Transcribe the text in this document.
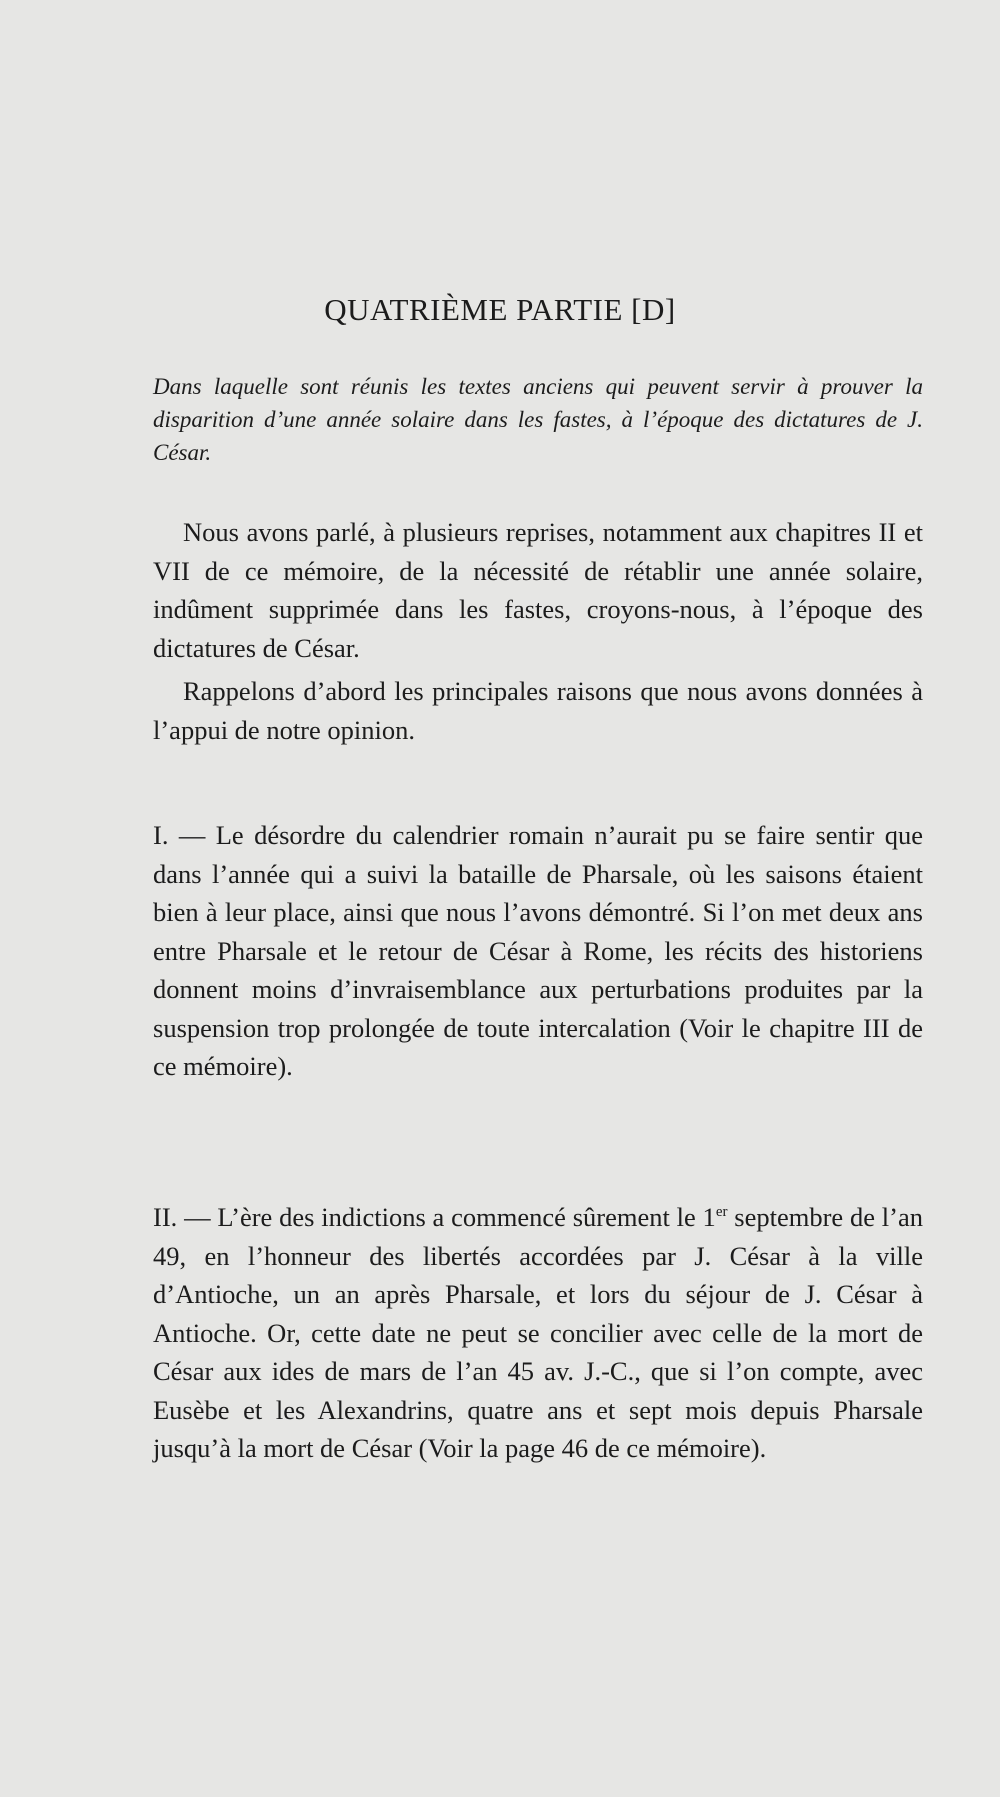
QUATRIÈME PARTIE [D]
Dans laquelle sont réunis les textes anciens qui peuvent servir à prouver la disparition d’une année solaire dans les fastes, à l’époque des dictatures de J. César.

Nous avons parlé, à plusieurs reprises, notamment aux chapitres II et VII de ce mémoire, de la nécessité de rétablir une année solaire, indûment supprimée dans les fastes, croyons-nous, à l’époque des dictatures de César.

Rappelons d’abord les principales raisons que nous avons données à l’appui de notre opinion.

I. — Le désordre du calendrier romain n’aurait pu se faire sentir que dans l’année qui a suivi la bataille de Pharsale, où les saisons étaient bien à leur place, ainsi que nous l’avons démontré. Si l’on met deux ans entre Pharsale et le retour de César à Rome, les récits des historiens donnent moins d’invraisemblance aux perturbations produites par la suspension trop prolongée de toute intercalation (Voir le chapitre III de ce mémoire).

II. — L’ère des indictions a commencé sûrement le 1er septembre de l’an 49, en l’honneur des libertés accordées par J. César à la ville d’Antioche, un an après Pharsale, et lors du séjour de J. César à Antioche. Or, cette date ne peut se concilier avec celle de la mort de César aux ides de mars de l’an 45 av. J.-C., que si l’on compte, avec Eusèbe et les Alexandrins, quatre ans et sept mois depuis Pharsale jusqu’à la mort de César (Voir la page 46 de ce mémoire).
